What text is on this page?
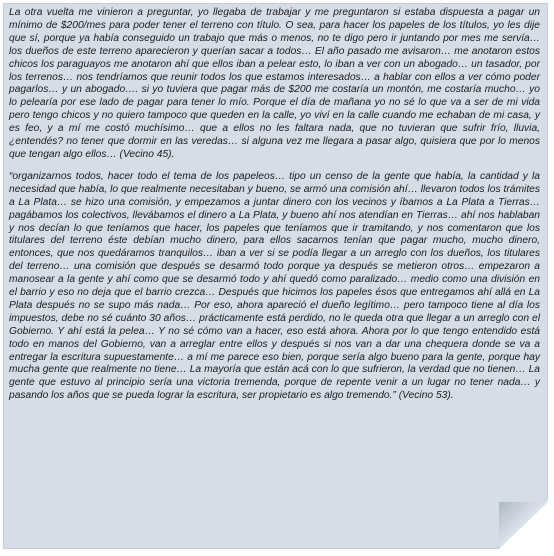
La otra vuelta me vinieron a preguntar, yo llegaba de trabajar y me preguntaron si estaba dispuesta a pagar un mínimo de $200/mes para poder tener el terreno con título. O sea, para hacer los papeles de los títulos, yo les dije que sí, porque ya había conseguido un trabajo que más o menos, no te digo pero ir juntando por mes me servía… los dueños de este terreno aparecieron y querían sacar a todos… El año pasado me avisaron… me anotaron estos chicos los paraguayos me anotaron ahí que ellos iban a pelear esto, lo iban a ver con un abogado… un tasador, por los terrenos… nos tendríamos que reunir todos los que estamos interesados… a hablar con ellos a ver cómo poder pagarlos… y un abogado…. si yo tuviera que pagar más de $200 me costaría un montón, me costaría mucho… yo lo pelearía por ese lado de pagar para tener lo mío. Porque el día de mañana yo no sé lo que va a ser de mi vida pero tengo chicos y no quiero tampoco que queden en la calle, yo viví en la calle cuando me echaban de mi casa, y es feo, y a mí me costó muchísimo… que a ellos no les faltara nada, que no tuvieran que sufrir frío, lluvia, ¿entendés? no tener que dormir en las veredas… si alguna vez me llegara a pasar algo, quisiera que por lo menos que tengan algo ellos… (Vecino 45).

“organizarnos todos, hacer todo el tema de los papeleos… tipo un censo de la gente que había, la cantidad y la necesidad que había, lo que realmente necesitaban y bueno, se armó una comisión ahí… llevaron todos los trámites a La Plata… se hizo una comisión, y empezamos a juntar dinero con los vecinos y íbamos a La Plata a Tierras… pagábamos los colectivos, llevábamos el dinero a La Plata, y bueno ahí nos atendían en Tierras… ahí nos hablaban y nos decían lo que teníamos que hacer, los papeles que teníamos que ir tramitando, y nos comentaron que los titulares del terreno éste debían mucho dinero, para ellos sacarnos tenían que pagar mucho, mucho dinero, entonces, que nos quedáramos tranquilos… iban a ver si se podía llegar a un arreglo con los dueños, los titulares del terreno… una comisión que después se desarmó todo porque ya después se metieron otros… empezaron a manosear a la gente y ahí como que se desarmó todo y ahí quedó como paralizado… medio como una división en el barrio y eso no deja que el barrio crezca… Después que hicimos los papeles ésos que entregamos ahí allá en La Plata después no se supo más nada… Por eso, ahora apareció el dueño legítimo… pero tampoco tiene al día los impuestos, debe no sé cuánto 30 años… prácticamente está perdido, no le queda otra que llegar a un arreglo con el Gobierno. Y ahí está la pelea… Y no sé cómo van a hacer, eso está ahora. Ahora por lo que tengo entendido está todo en manos del Gobierno, van a arreglar entre ellos y después si nos van a dar una chequera donde se va a entregar la escritura supuestamente… a mí me parece eso bien, porque sería algo bueno para la gente, porque hay mucha gente que realmente no tiene… La mayoría que están acá con lo que sufrieron, la verdad que no tienen… La gente que estuvo al principio sería una victoria tremenda, porque de repente venir a un lugar no tener nada… y pasando los años que se pueda lograr la escritura, ser propietario es algo tremendo.” (Vecino 53).
